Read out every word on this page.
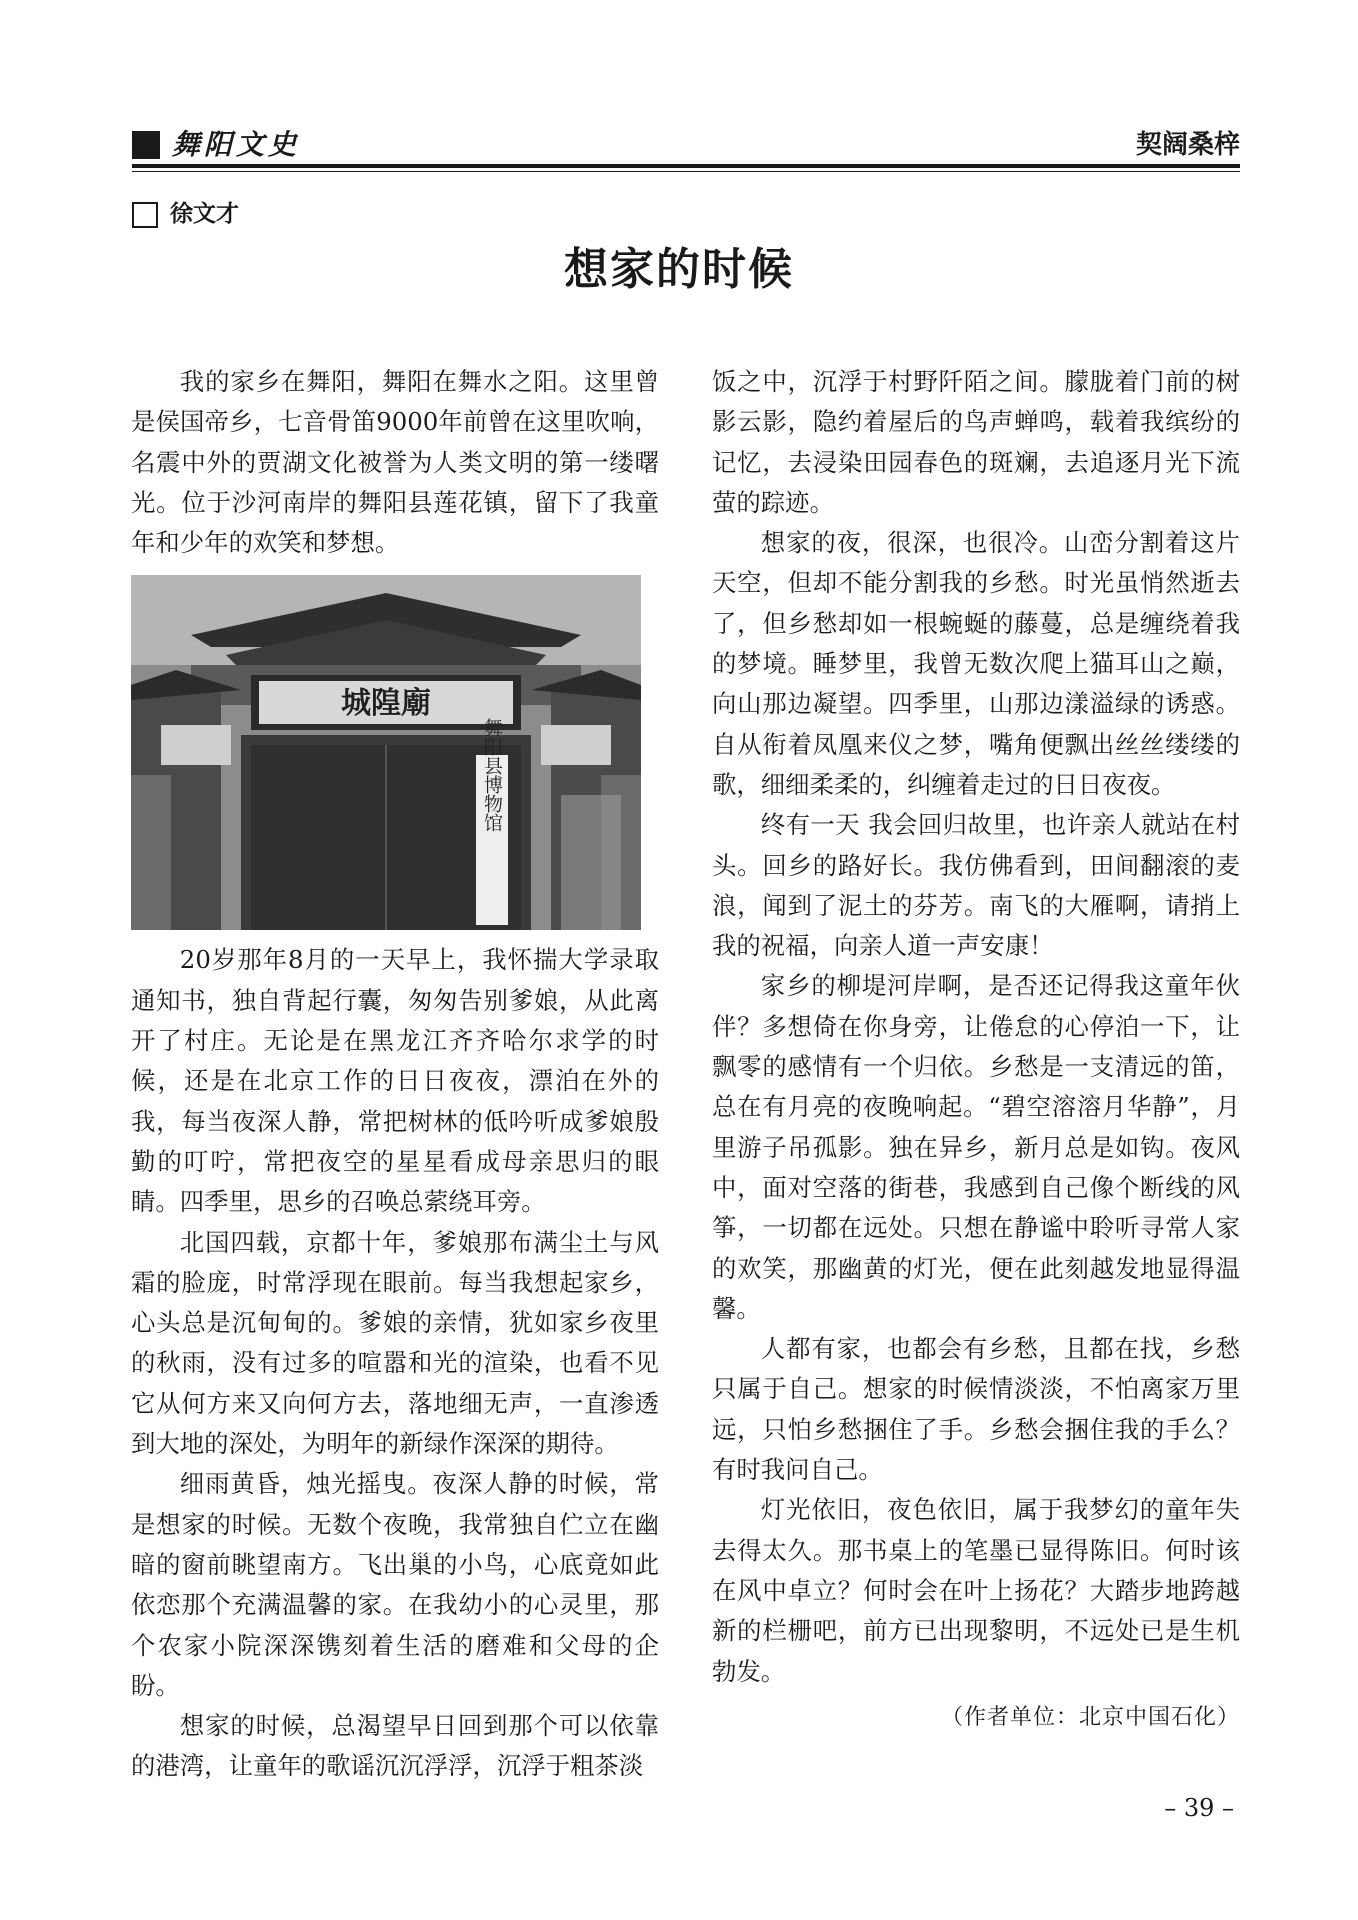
舞阳文史	契阔桑梓
徐文才
想家的时候

我的家乡在舞阳，舞阳在舞水之阳。这里曾是侯国帝乡，七音骨笛9000年前曾在这里吹响，名震中外的贾湖文化被誉为人类文明的第一缕曙光。位于沙河南岸的舞阳县莲花镇，留下了我童年和少年的欢笑和梦想。

城隍廟
舞阳县博物馆

20岁那年8月的一天早上，我怀揣大学录取通知书，独自背起行囊，匆匆告别爹娘，从此离开了村庄。无论是在黑龙江齐齐哈尔求学的时候，还是在北京工作的日日夜夜，漂泊在外的我，每当夜深人静，常把树林的低吟听成爹娘殷勤的叮咛，常把夜空的星星看成母亲思归的眼睛。四季里，思乡的召唤总萦绕耳旁。

北国四载，京都十年，爹娘那布满尘土与风霜的脸庞，时常浮现在眼前。每当我想起家乡，心头总是沉甸甸的。爹娘的亲情，犹如家乡夜里的秋雨，没有过多的喧嚣和光的渲染，也看不见它从何方来又向何方去，落地细无声，一直渗透到大地的深处，为明年的新绿作深深的期待。

细雨黄昏，烛光摇曳。夜深人静的时候，常是想家的时候。无数个夜晚，我常独自伫立在幽暗的窗前眺望南方。飞出巢的小鸟，心底竟如此依恋那个充满温馨的家。在我幼小的心灵里，那个农家小院深深镌刻着生活的磨难和父母的企盼。

想家的时候，总渴望早日回到那个可以依靠的港湾，让童年的歌谣沉沉浮浮，沉浮于粗茶淡

饭之中，沉浮于村野阡陌之间。朦胧着门前的树影云影，隐约着屋后的鸟声蝉鸣，载着我缤纷的记忆，去浸染田园春色的斑斓，去追逐月光下流萤的踪迹。

想家的夜，很深，也很冷。山峦分割着这片天空，但却不能分割我的乡愁。时光虽悄然逝去了，但乡愁却如一根蜿蜒的藤蔓，总是缠绕着我的梦境。睡梦里，我曾无数次爬上猫耳山之巅，向山那边凝望。四季里，山那边漾溢绿的诱惑。自从衔着凤凰来仪之梦，嘴角便飘出丝丝缕缕的歌，细细柔柔的，纠缠着走过的日日夜夜。

终有一天 我会回归故里，也许亲人就站在村头。回乡的路好长。我仿佛看到，田间翻滚的麦浪，闻到了泥土的芬芳。南飞的大雁啊，请捎上我的祝福，向亲人道一声安康！

家乡的柳堤河岸啊，是否还记得我这童年伙伴？多想倚在你身旁，让倦怠的心停泊一下，让飘零的感情有一个归依。乡愁是一支清远的笛，总在有月亮的夜晚响起。“碧空溶溶月华静”，月里游子吊孤影。独在异乡，新月总是如钩。夜风中，面对空落的街巷，我感到自己像个断线的风筝，一切都在远处。只想在静谧中聆听寻常人家的欢笑，那幽黄的灯光，便在此刻越发地显得温馨。

人都有家，也都会有乡愁，且都在找，乡愁只属于自己。想家的时候情淡淡，不怕离家万里远，只怕乡愁捆住了手。乡愁会捆住我的手么？有时我问自己。

灯光依旧，夜色依旧，属于我梦幻的童年失去得太久。那书桌上的笔墨已显得陈旧。何时该在风中卓立？何时会在叶上扬花？大踏步地跨越新的栏栅吧，前方已出现黎明，不远处已是生机勃发。

（作者单位：北京中国石化）
– 39 –
